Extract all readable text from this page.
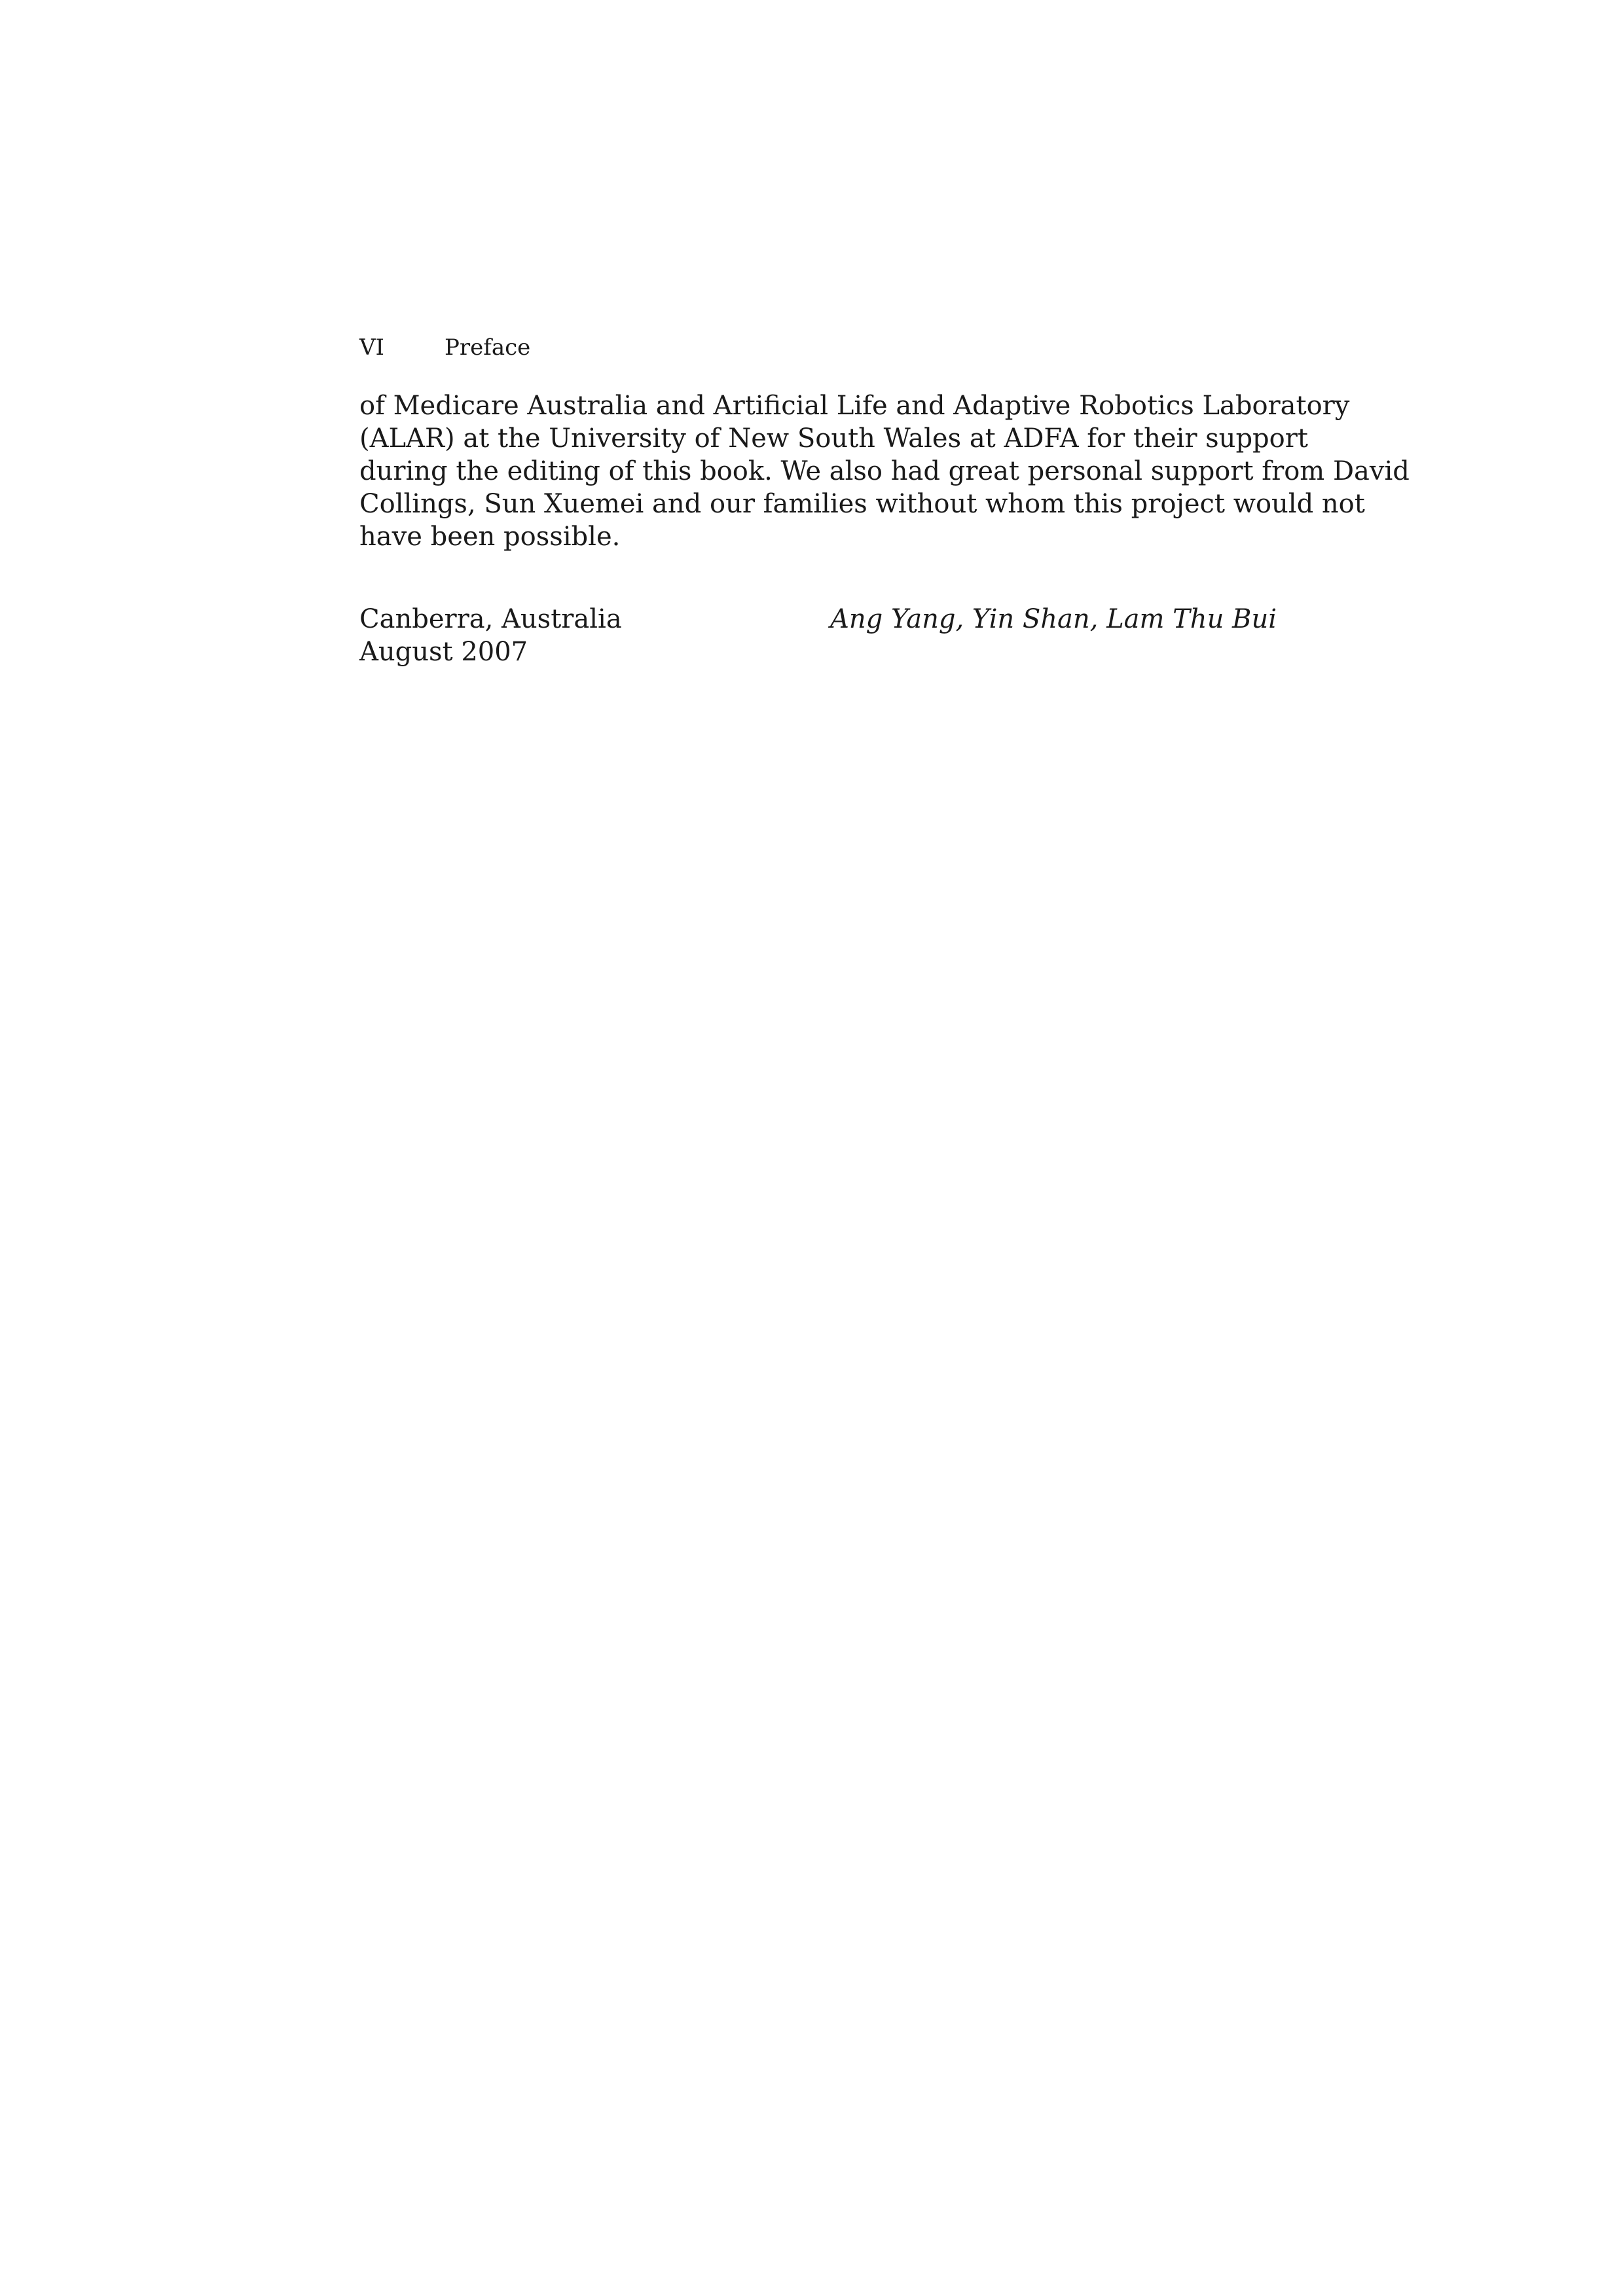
VI	Preface
of Medicare Australia and Artificial Life and Adaptive Robotics Laboratory
(ALAR) at the University of New South Wales at ADFA for their support
during the editing of this book. We also had great personal support from David
Collings, Sun Xuemei and our families without whom this project would not
have been possible.
Canberra, Australia
August 2007
Ang Yang, Yin Shan, Lam Thu Bui
